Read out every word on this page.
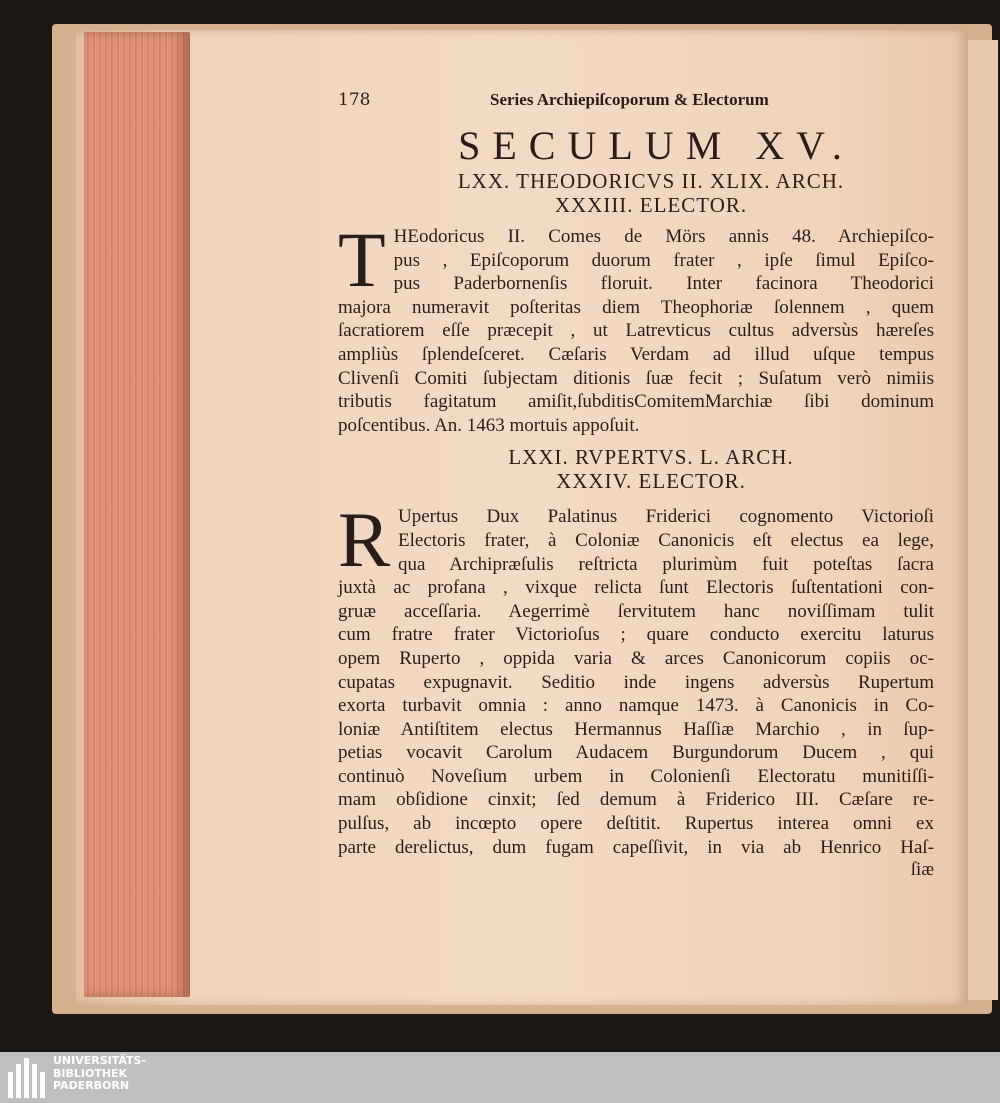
178	Series Archiepiſcoporum & Electorum
SECULUM XV.
LXX. THEODORICVS II. XLIX. ARCH.
XXXIII. ELECTOR.
T HEodoricus II. Comes de Mörs annis 48. Archiepiſco-
pus , Epiſcoporum duorum frater , ipſe ſimul Epiſco-
pus Paderbornenſis floruit. Inter facinora Theodorici
majora numeravit poſteritas diem Theophoriæ ſolennem , quem
ſacratiorem eſſe præcepit , ut Latrevticus cultus adversùs hæreſes
ampliùs ſplendeſceret. Cæſaris Verdam ad illud uſque tempus
Clivenſi Comiti ſubjectam ditionis ſuæ fecit ; Suſatum verò nimiis
tributis fagitatum amiſit,ſubditisComitemMarchiæ ſibi dominum
poſcentibus. An. 1463 mortuis appoſuit.
LXXI. RVPERTVS. L. ARCH.
XXXIV. ELECTOR.
R Upertus Dux Palatinus Friderici cognomento Victorioſi
Electoris frater, à Coloniæ Canonicis eſt electus ea lege,
qua Archipræſulis reſtricta plurimùm fuit poteſtas ſacra
juxtà ac profana , vixque relicta ſunt Electoris ſuſtentationi con-
gruæ acceſſaria. Aegerrimè ſervitutem hanc noviſſimam tulit
cum fratre frater Victorioſus ; quare conducto exercitu laturus
opem Ruperto , oppida varia & arces Canonicorum copiis oc-
cupatas expugnavit. Seditio inde ingens adversùs Rupertum
exorta turbavit omnia : anno namque 1473. à Canonicis in Co-
loniæ Antiſtitem electus Hermannus Haſſiæ Marchio , in ſup-
petias vocavit Carolum Audacem Burgundorum Ducem , qui
continuò Noveſium urbem in Colonienſi Electoratu munitiſſi-
mam obſidione cinxit; ſed demum à Friderico III. Cæſare re-
pulſus, ab incœpto opere deſtitit. Rupertus interea omni ex
parte derelictus, dum fugam capeſſivit, in via ab Henrico Haſ-
ſiæ
UNIVERSITÄTS-
BIBLIOTHEK
PADERBORN
